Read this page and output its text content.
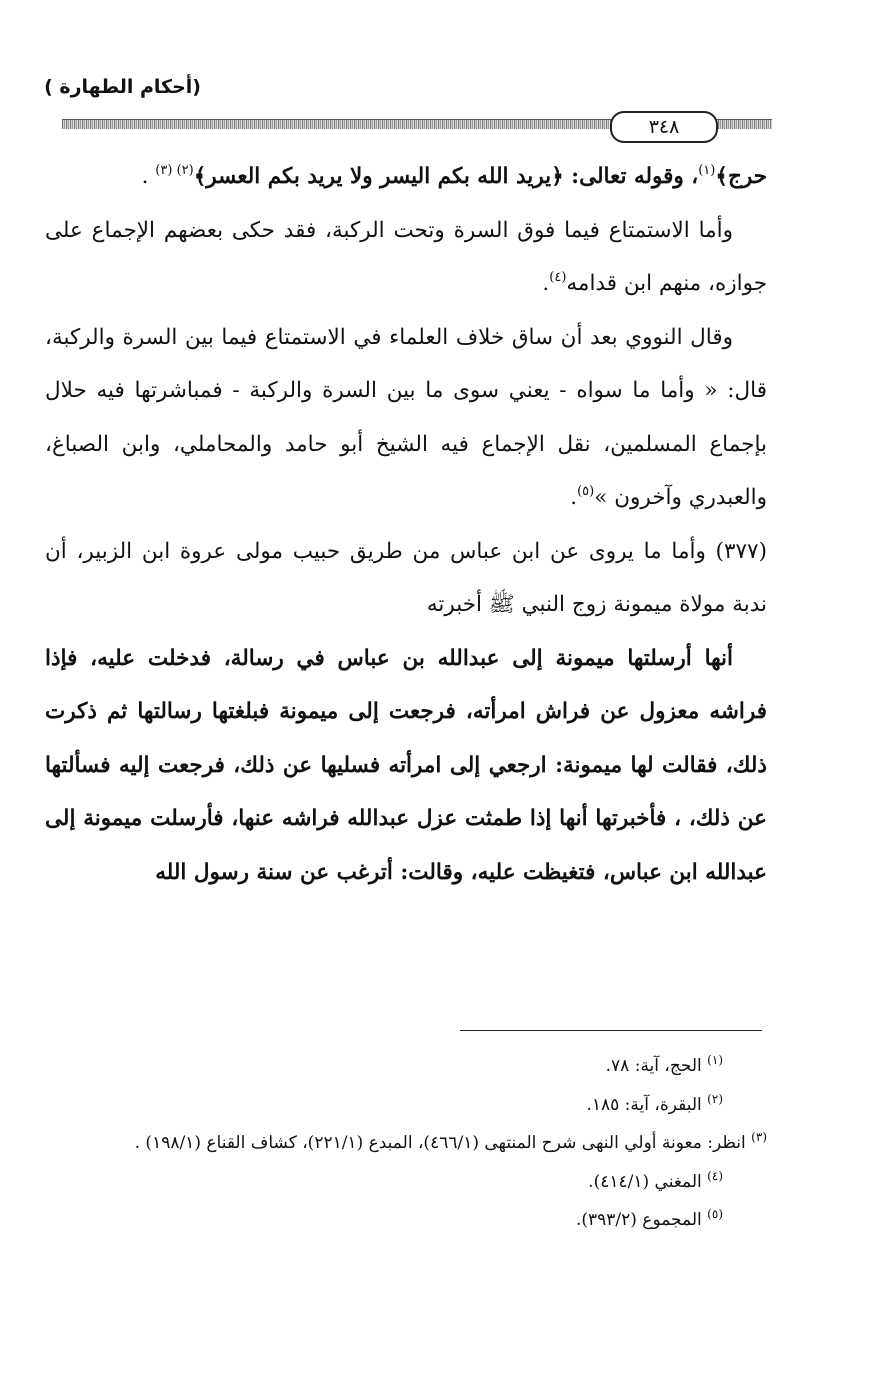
(أحكام الطهارة )
٣٤٨

حرج﴾$^{(١)}$، وقوله تعالى: ﴿يريد الله بكم اليسر ولا يريد بكم العسر﴾$^{(٢) (٣)}$ .

وأما الاستمتاع فيما فوق السرة وتحت الركبة، فقد حكى بعضهم الإجماع على جوازه، منهم ابن قدامه$^{(٤)}$.

وقال النووي بعد أن ساق خلاف العلماء في الاستمتاع فيما بين السرة والركبة، قال: « وأما ما سواه - يعني سوى ما بين السرة والركبة - فمباشرتها فيه حلال بإجماع المسلمين، نقل الإجماع فيه الشيخ أبو حامد والمحاملي، وابن الصباغ، والعبدري وآخرون »$^{(٥)}$.

(٣٧٧) وأما ما يروى عن ابن عباس من طريق حبيب مولى عروة ابن الزبير، أن ندبة مولاة ميمونة زوج النبي ﷺ أخبرته

أنها أرسلتها ميمونة إلى عبدالله بن عباس في رسالة، فدخلت عليه، فإذا فراشه معزول عن فراش امرأته، فرجعت إلى ميمونة فبلغتها رسالتها ثم ذكرت ذلك، فقالت لها ميمونة: ارجعي إلى امرأته فسليها عن ذلك، فرجعت إليه فسألتها عن ذلك، ، فأخبرتها أنها إذا طمثت عزل عبدالله فراشه عنها، فأرسلت ميمونة إلى عبدالله ابن عباس، فتغيظت عليه، وقالت: أترغب عن سنة رسول الله

$^{(١)}$ الحج، آية: ٧٨.

$^{(٢)}$ البقرة، آية: ١٨٥.

$^{(٣)}$ انظر: معونة أولي النهى شرح المنتهى (٤٦٦/١)، المبدع (٢٢١/١)، كشاف القناع (١٩٨/١) .

$^{(٤)}$ المغني (٤١٤/١).

$^{(٥)}$ المجموع (٣٩٣/٢).
